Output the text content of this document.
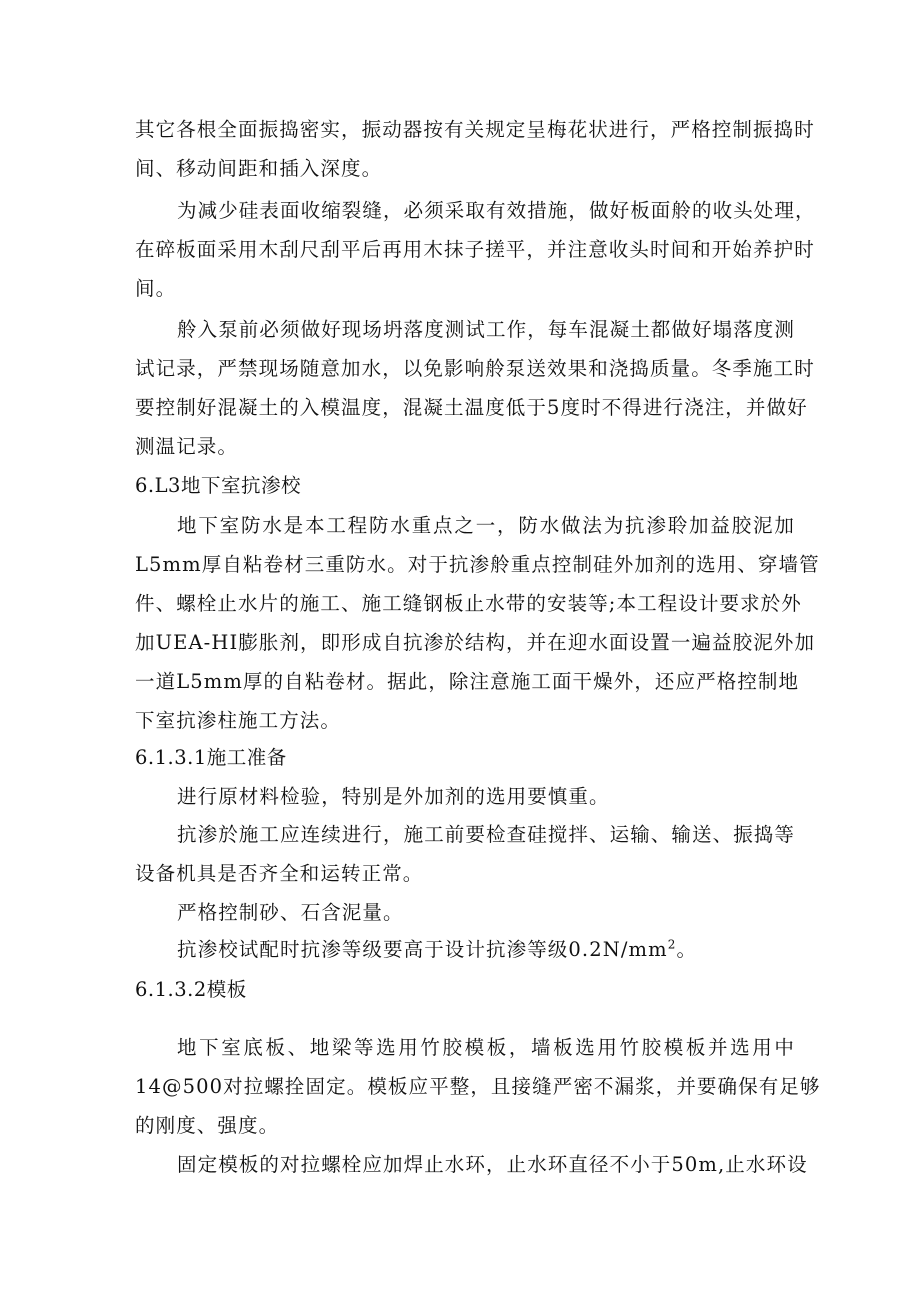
其它各根全面振捣密实，振动器按有关规定呈梅花状进行，严格控制振捣时
间、移动间距和插入深度。
为减少硅表面收缩裂缝，必须采取有效措施，做好板面舲的收头处理，
在碎板面采用木刮尺刮平后再用木抹子搓平，并注意收头时间和开始养护时
间。
舲入泵前必须做好现场坍落度测试工作，每车混凝土都做好塌落度测
试记录，严禁现场随意加水，以免影响舲泵送效果和浇捣质量。冬季施工时
要控制好混凝土的入模温度，混凝土温度低于5度时不得进行浇注，并做好
测温记录。
6.L3地下室抗渗校
地下室防水是本工程防水重点之一，防水做法为抗渗聆加益胶泥加
L5mm厚自粘卷材三重防水。对于抗渗舲重点控制硅外加剂的选用、穿墙管
件、螺栓止水片的施工、施工缝钢板止水带的安装等;本工程设计要求於外
加UEA-HI膨胀剂，即形成自抗渗於结构，并在迎水面设置一遍益胶泥外加
一道L5mm厚的自粘卷材。据此，除注意施工面干燥外，还应严格控制地
下室抗渗柱施工方法。
6.1.3.1施工准备
进行原材料检验，特别是外加剂的选用要慎重。
抗渗於施工应连续进行，施工前要检查硅搅拌、运输、输送、振捣等
设备机具是否齐全和运转正常。
严格控制砂、石含泥量。
抗渗校试配时抗渗等级要高于设计抗渗等级$0.2N/mm^2$。
6.1.3.2模板
地下室底板、地梁等选用竹胶模板，墙板选用竹胶模板并选用中
14@500对拉螺拴固定。模板应平整，且接缝严密不漏浆，并要确保有足够
的刚度、强度。
固定模板的对拉螺栓应加焊止水环，止水环直径不小于50m,止水环设
